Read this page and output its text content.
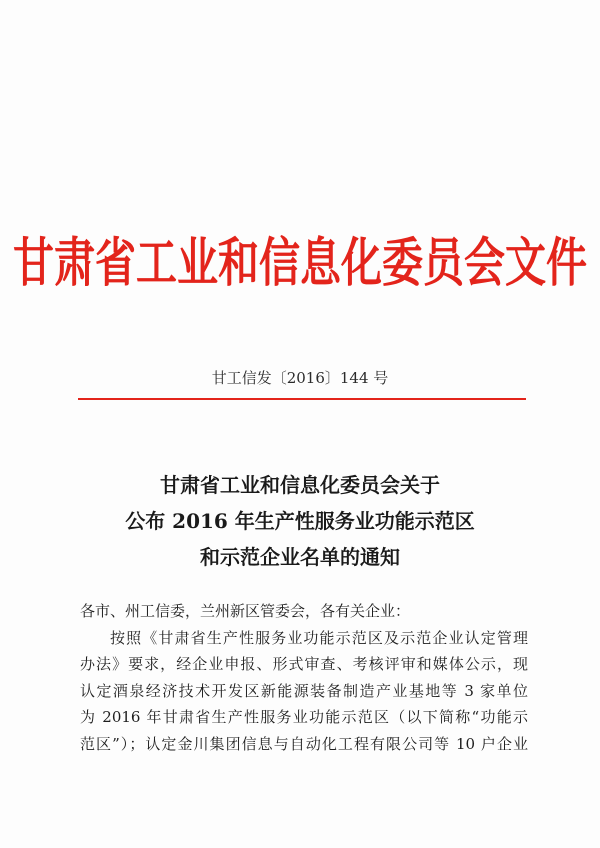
甘肃省工业和信息化委员会文件
甘工信发〔2016〕144 号
甘肃省工业和信息化委员会关于
公布 2016 年生产性服务业功能示范区
和示范企业名单的通知
各市、州工信委，兰州新区管委会，各有关企业：
按照《甘肃省生产性服务业功能示范区及示范企业认定管理
办法》要求，经企业申报、形式审查、考核评审和媒体公示，现
认定酒泉经济技术开发区新能源装备制造产业基地等 3 家单位
为 2016 年甘肃省生产性服务业功能示范区（以下简称“功能示
范区”）；认定金川集团信息与自动化工程有限公司等 10 户企业
